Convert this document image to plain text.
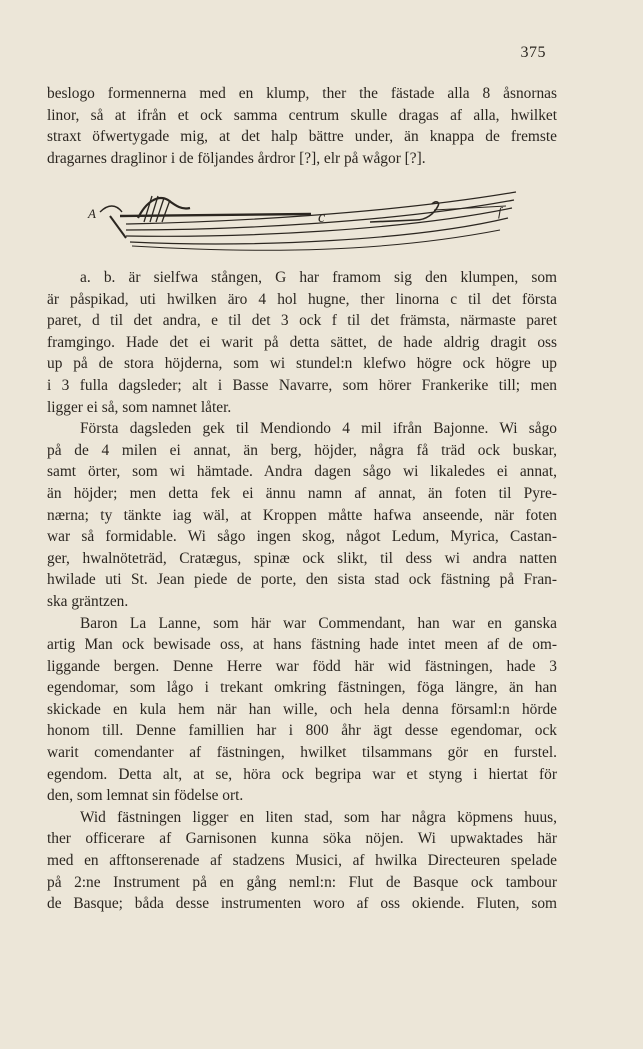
375

beslogo formennerna med en klump, ther the fästade alla 8 åsnornas

linor, så at ifrån et ock samma centrum skulle dragas af alla, hwilket

straxt öfwertygade mig, at det halp bättre under, än knappa de fremste

dragarnes draglinor i de följandes årdror [?], elr på wågor [?].

A	c	f

a. b. är sielfwa stången, G har framom sig den klumpen, som

är påspikad, uti hwilken äro 4 hol hugne, ther linorna c til det första

paret, d til det andra, e til det 3 ock f til det främsta, närmaste paret

framgingo. Hade det ei warit på detta sättet, de hade aldrig dragit oss

up på de stora höjderna, som wi stundel:n klefwo högre ock högre up

i 3 fulla dagsleder; alt i Basse Navarre, som hörer Frankerike till; men

ligger ei så, som namnet låter.

Första dagsleden gek til Mendiondo 4 mil ifrån Bajonne. Wi sågo

på de 4 milen ei annat, än berg, höjder, några få träd ock buskar,

samt örter, som wi hämtade. Andra dagen sågo wi likaledes ei annat,

än höjder; men detta fek ei ännu namn af annat, än foten til Pyre-

nærna; ty tänkte iag wäl, at Kroppen måtte hafwa anseende, när foten

war så formidable. Wi sågo ingen skog, något Ledum, Myrica, Castan-

ger, hwalnöteträd, Cratægus, spinæ ock slikt, til dess wi andra natten

hwilade uti St. Jean piede de porte, den sista stad ock fästning på Fran-

ska gräntzen.

Baron La Lanne, som här war Commendant, han war en ganska

artig Man ock bewisade oss, at hans fästning hade intet meen af de om-

liggande bergen. Denne Herre war född här wid fästningen, hade 3

egendomar, som lågo i trekant omkring fästningen, föga längre, än han

skickade en kula hem när han wille, och hela denna församl:n hörde

honom till. Denne famillien har i 800 åhr ägt desse egendomar, ock

warit comendanter af fästningen, hwilket tilsammans gör en furstel.

egendom. Detta alt, at se, höra ock begripa war et styng i hiertat för

den, som lemnat sin födelse ort.

Wid fästningen ligger en liten stad, som har några köpmens huus,

ther officerare af Garnisonen kunna söka nöjen. Wi upwaktades här

med en afftonserenade af stadzens Musici, af hwilka Directeuren spelade

på 2:ne Instrument på en gång neml:n: Flut de Basque ock tambour

de Basque; båda desse instrumenten woro af oss okiende. Fluten, som
